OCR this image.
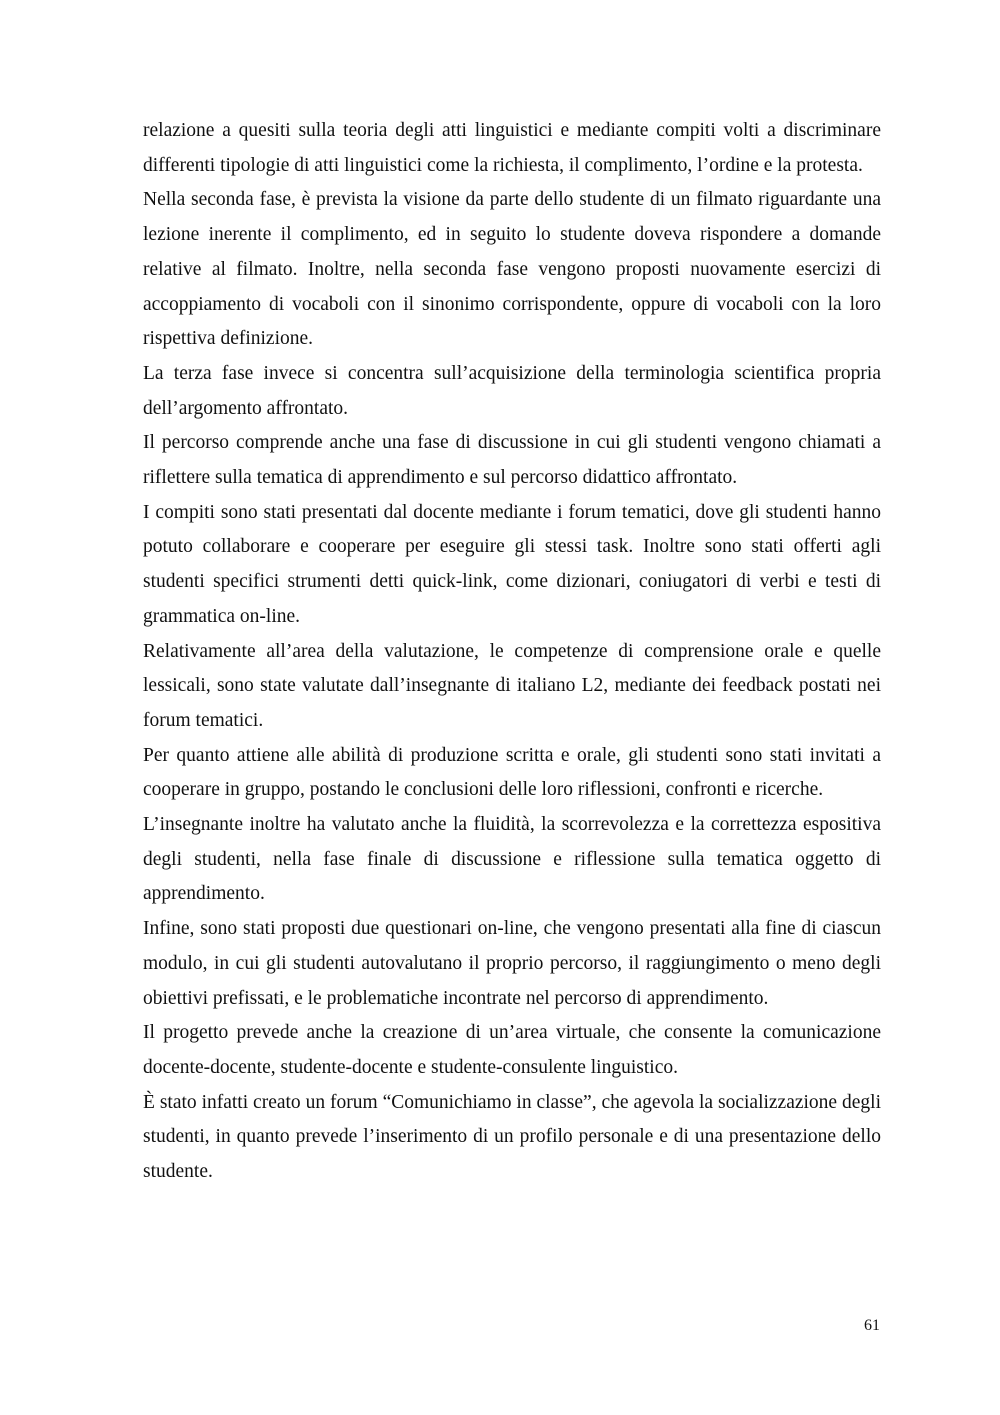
relazione a quesiti sulla teoria degli atti linguistici e mediante compiti volti a discriminare differenti tipologie di atti linguistici come la richiesta, il complimento, l’ordine e la protesta.

Nella seconda fase, è prevista la visione da parte dello studente di un filmato riguardante una lezione inerente il complimento, ed in seguito lo studente doveva rispondere a domande relative al filmato. Inoltre, nella seconda fase vengono proposti nuovamente esercizi di accoppiamento di vocaboli con il sinonimo corrispondente, oppure di vocaboli con la loro rispettiva definizione.

La terza fase invece si concentra sull’acquisizione della terminologia scientifica propria dell’argomento affrontato.

Il percorso comprende anche una fase di discussione in cui gli studenti vengono chiamati a riflettere sulla tematica di apprendimento e sul percorso didattico affrontato.

I compiti sono stati presentati dal docente mediante i forum tematici, dove gli studenti hanno potuto collaborare e cooperare per eseguire gli stessi task. Inoltre sono stati offerti agli studenti specifici strumenti detti quick-link, come dizionari, coniugatori di verbi e testi di grammatica on-line.

Relativamente all’area della valutazione, le competenze di comprensione orale e quelle lessicali, sono state valutate dall’insegnante di italiano L2, mediante dei feedback postati nei forum tematici.

Per quanto attiene alle abilità di produzione scritta e orale, gli studenti sono stati invitati a cooperare in gruppo, postando le conclusioni delle loro riflessioni, confronti e ricerche.

L’insegnante inoltre ha valutato anche la fluidità, la scorrevolezza e la correttezza espositiva degli studenti, nella fase finale di discussione e riflessione sulla tematica oggetto di apprendimento.

Infine, sono stati proposti due questionari on-line, che vengono presentati alla fine di ciascun modulo, in cui gli studenti autovalutano il proprio percorso, il raggiungimento o meno degli obiettivi prefissati, e le problematiche incontrate nel percorso di apprendimento.

Il progetto prevede anche la creazione di un’area virtuale, che consente la comunicazione docente-docente, studente-docente e studente-consulente linguistico.

È stato infatti creato un forum “Comunichiamo in classe”, che agevola la socializzazione degli studenti, in quanto prevede l’inserimento di un profilo personale e di una presentazione dello studente.

61
